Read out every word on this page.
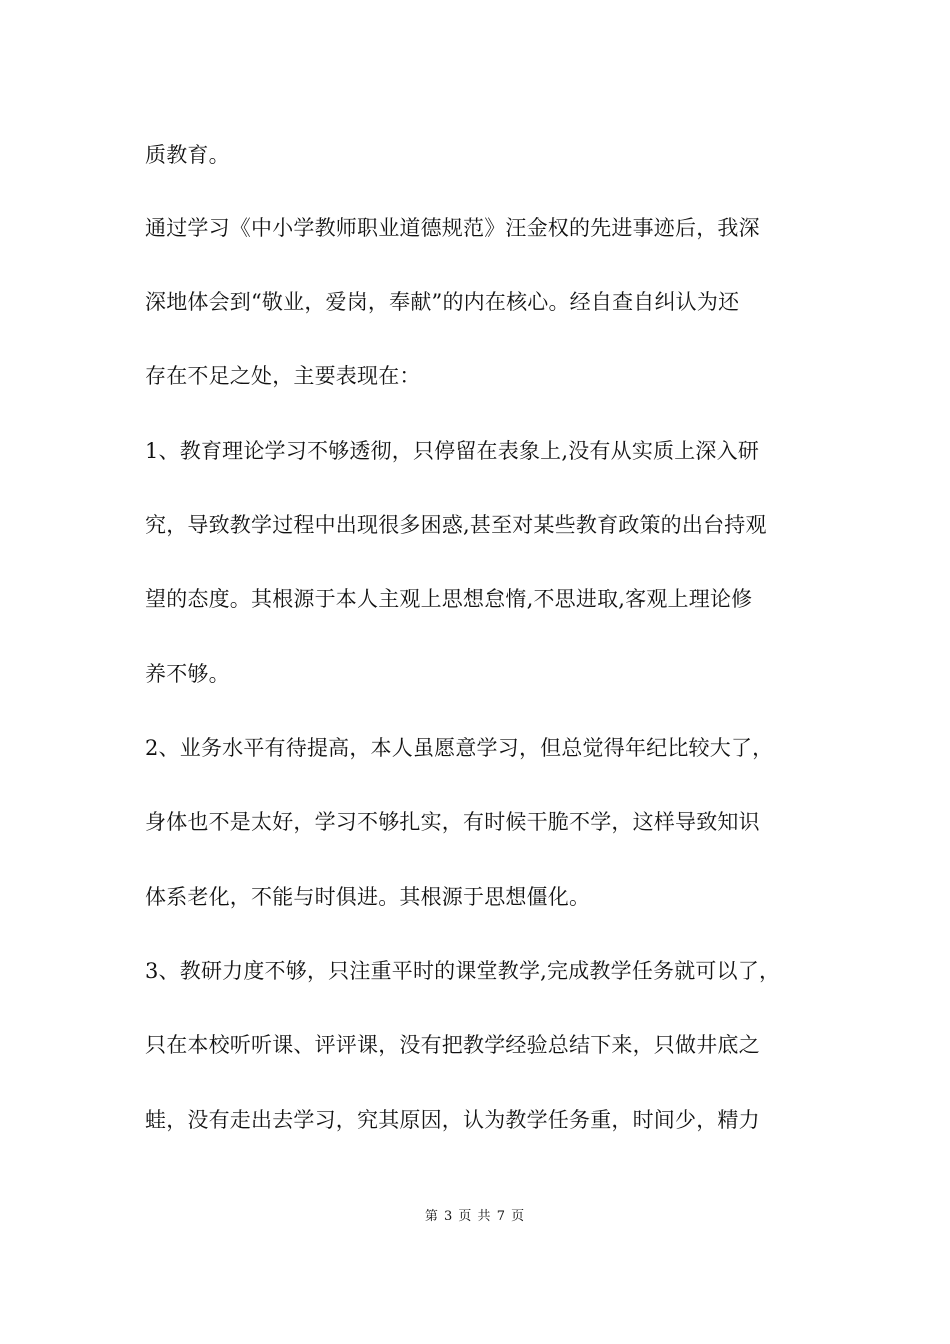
质教育。
通过学习《中小学教师职业道德规范》汪金权的先进事迹后，我深
深地体会到“敬业，爱岗，奉献”的内在核心。经自查自纠认为还
存在不足之处，主要表现在：
1、教育理论学习不够透彻，只停留在表象上,没有从实质上深入研
究，导致教学过程中出现很多困惑,甚至对某些教育政策的出台持观
望的态度。其根源于本人主观上思想怠惰,不思进取,客观上理论修
养不够。
2、业务水平有待提高，本人虽愿意学习，但总觉得年纪比较大了，
身体也不是太好，学习不够扎实，有时候干脆不学，这样导致知识
体系老化，不能与时俱进。其根源于思想僵化。
3、教研力度不够，只注重平时的课堂教学,完成教学任务就可以了，
只在本校听听课、评评课，没有把教学经验总结下来，只做井底之
蛙，没有走出去学习，究其原因，认为教学任务重，时间少，精力
第 3 页 共 7 页
